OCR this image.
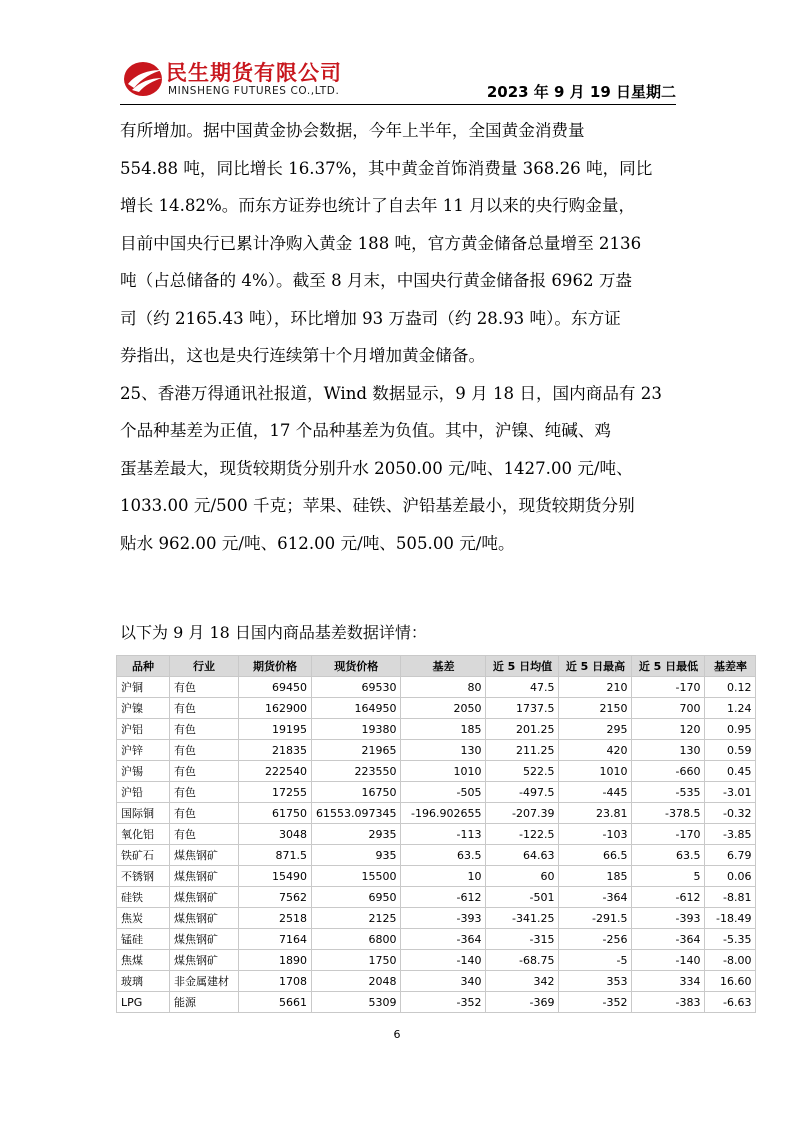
民生期货有限公司
MINSHENG FUTURES CO.,LTD.	2023 年 9 月 19 日星期二

有所增加。据中国黄金协会数据，今年上半年，全国黄金消费量

554.88 吨，同比增长 16.37%，其中黄金首饰消费量 368.26 吨，同比

增长 14.82%。而东方证券也统计了自去年 11 月以来的央行购金量，

目前中国央行已累计净购入黄金 188 吨，官方黄金储备总量增至 2136

吨（占总储备的 4%）。截至 8 月末，中国央行黄金储备报 6962 万盎

司（约 2165.43 吨），环比增加 93 万盎司（约 28.93 吨）。东方证

券指出，这也是央行连续第十个月增加黄金储备。

25、香港万得通讯社报道，Wind 数据显示，9 月 18 日，国内商品有 23

个品种基差为正值，17 个品种基差为负值。其中，沪镍、纯碱、鸡

蛋基差最大，现货较期货分别升水 2050.00 元/吨、1427.00 元/吨、

1033.00 元/500 千克；苹果、硅铁、沪铅基差最小，现货较期货分别

贴水 962.00 元/吨、612.00 元/吨、505.00 元/吨。

以下为 9 月 18 日国内商品基差数据详情：
品种	行业	期货价格	现货价格	基差	近 5 日均值	近 5 日最高	近 5 日最低	基差率
沪铜	有色	69450	69530	80	47.5	210	-170	0.12
沪镍	有色	162900	164950	2050	1737.5	2150	700	1.24
沪铝	有色	19195	19380	185	201.25	295	120	0.95
沪锌	有色	21835	21965	130	211.25	420	130	0.59
沪锡	有色	222540	223550	1010	522.5	1010	-660	0.45
沪铅	有色	17255	16750	-505	-497.5	-445	-535	-3.01
国际铜	有色	61750	61553.097345	-196.902655	-207.39	23.81	-378.5	-0.32
氧化铝	有色	3048	2935	-113	-122.5	-103	-170	-3.85
铁矿石	煤焦钢矿	871.5	935	63.5	64.63	66.5	63.5	6.79
不锈钢	煤焦钢矿	15490	15500	10	60	185	5	0.06
硅铁	煤焦钢矿	7562	6950	-612	-501	-364	-612	-8.81
焦炭	煤焦钢矿	2518	2125	-393	-341.25	-291.5	-393	-18.49
锰硅	煤焦钢矿	7164	6800	-364	-315	-256	-364	-5.35
焦煤	煤焦钢矿	1890	1750	-140	-68.75	-5	-140	-8.00
玻璃	非金属建材	1708	2048	340	342	353	334	16.60
LPG	能源	5661	5309	-352	-369	-352	-383	-6.63
6
